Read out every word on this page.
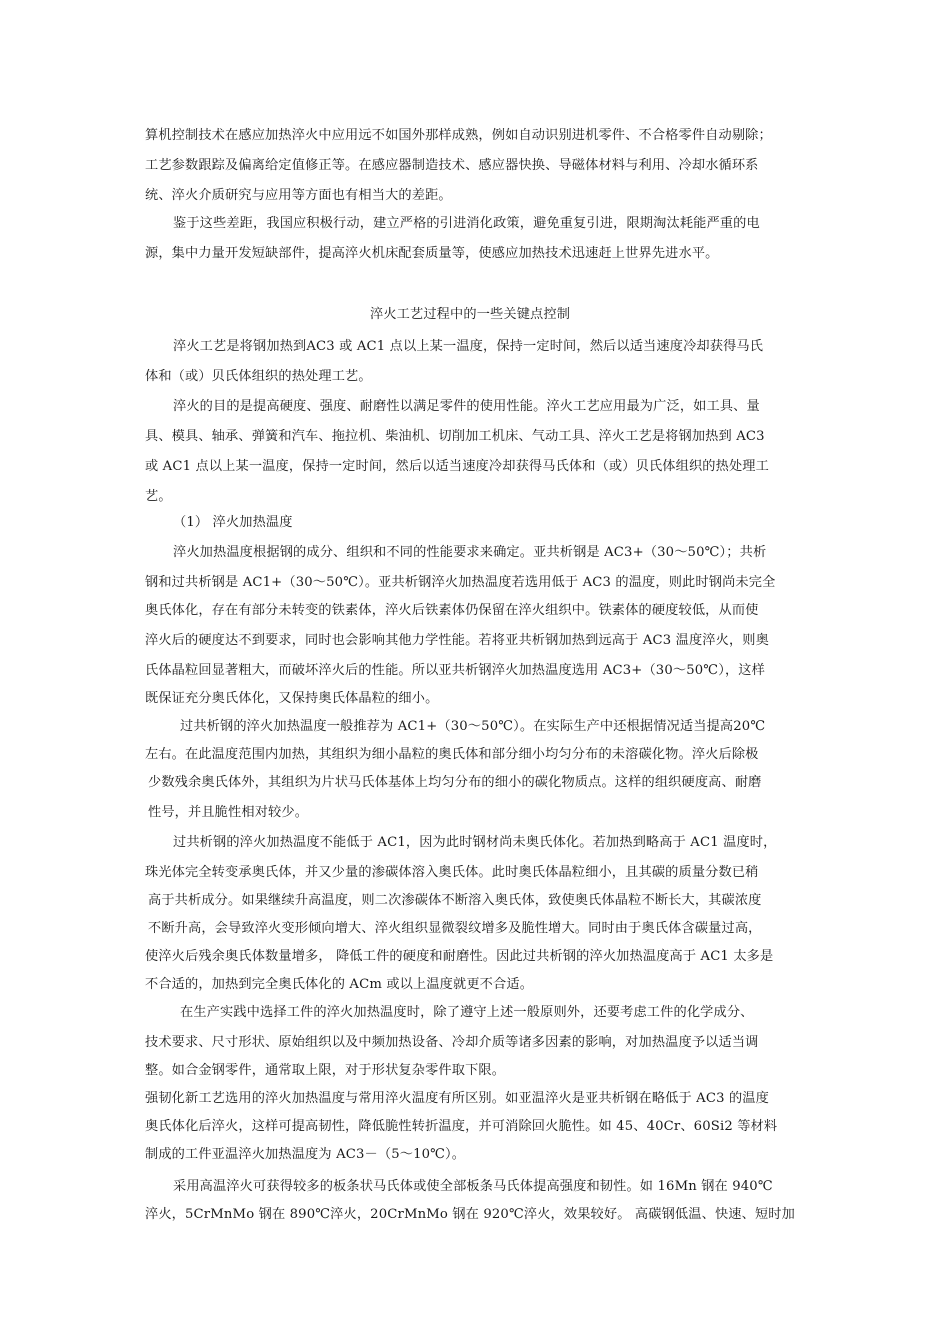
算机控制技术在感应加热淬火中应用远不如国外那样成熟，例如自动识别进机零件、不合格零件自动剔除；
工艺参数跟踪及偏离给定值修正等。在感应器制造技术、感应器快换、导磁体材料与利用、冷却水循环系
统、淬火介质研究与应用等方面也有相当大的差距。
鉴于这些差距，我国应积极行动，建立严格的引进消化政策，避免重复引进，限期淘汰耗能严重的电
源，集中力量开发短缺部件，提高淬火机床配套质量等，使感应加热技术迅速赶上世界先进水平。
淬火工艺过程中的一些关键点控制
淬火工艺是将钢加热到AC3 或 AC1 点以上某一温度，保持一定时间，然后以适当速度冷却获得马氏
体和（或）贝氏体组织的热处理工艺。
淬火的目的是提高硬度、强度、耐磨性以满足零件的使用性能。淬火工艺应用最为广泛，如工具、量
具、模具、轴承、弹簧和汽车、拖拉机、柴油机、切削加工机床、气动工具、淬火工艺是将钢加热到 AC3
或 AC1 点以上某一温度，保持一定时间，然后以适当速度冷却获得马氏体和（或）贝氏体组织的热处理工
艺。
（1） 淬火加热温度
淬火加热温度根据钢的成分、组织和不同的性能要求来确定。亚共析钢是 AC3+（30～50℃）；共析
钢和过共析钢是 AC1+（30～50℃）。亚共析钢淬火加热温度若选用低于 AC3 的温度，则此时钢尚未完全
奥氏体化，存在有部分未转变的铁素体，淬火后铁素体仍保留在淬火组织中。铁素体的硬度较低，从而使
淬火后的硬度达不到要求，同时也会影响其他力学性能。若将亚共析钢加热到远高于 AC3 温度淬火，则奥
氏体晶粒回显著粗大，而破坏淬火后的性能。所以亚共析钢淬火加热温度选用 AC3+（30～50℃），这样
既保证充分奥氏体化，又保持奥氏体晶粒的细小。
过共析钢的淬火加热温度一般推荐为 AC1+（30～50℃）。在实际生产中还根据情况适当提高20℃
左右。在此温度范围内加热，其组织为细小晶粒的奥氏体和部分细小均匀分布的未溶碳化物。淬火后除极
少数残余奥氏体外，其组织为片状马氏体基体上均匀分布的细小的碳化物质点。这样的组织硬度高、耐磨
性号，并且脆性相对较少。
过共析钢的淬火加热温度不能低于 AC1，因为此时钢材尚未奥氏体化。若加热到略高于 AC1 温度时，
珠光体完全转变承奥氏体，并又少量的渗碳体溶入奥氏体。此时奥氏体晶粒细小，且其碳的质量分数已稍
高于共析成分。如果继续升高温度，则二次渗碳体不断溶入奥氏体，致使奥氏体晶粒不断长大，其碳浓度
不断升高，会导致淬火变形倾向增大、淬火组织显微裂纹增多及脆性增大。同时由于奥氏体含碳量过高，
使淬火后残余奥氏体数量增多， 降低工件的硬度和耐磨性。因此过共析钢的淬火加热温度高于 AC1 太多是
不合适的，加热到完全奥氏体化的 ACm 或以上温度就更不合适。
在生产实践中选择工件的淬火加热温度时，除了遵守上述一般原则外，还要考虑工件的化学成分、
技术要求、尺寸形状、原始组织以及中频加热设备、冷却介质等诸多因素的影响，对加热温度予以适当调
整。如合金钢零件，通常取上限，对于形状复杂零件取下限。
强韧化新工艺选用的淬火加热温度与常用淬火温度有所区别。如亚温淬火是亚共析钢在略低于 AC3 的温度
奥氏体化后淬火，这样可提高韧性，降低脆性转折温度，并可消除回火脆性。如 45、40Cr、60Si2 等材料
制成的工件亚温淬火加热温度为 AC3－（5～10℃）。
采用高温淬火可获得较多的板条状马氏体或使全部板条马氏体提高强度和韧性。如 16Mn 钢在 940℃
淬火，5CrMnMo 钢在 890℃淬火，20CrMnMo 钢在 920℃淬火，效果较好。 高碳钢低温、快速、短时加
